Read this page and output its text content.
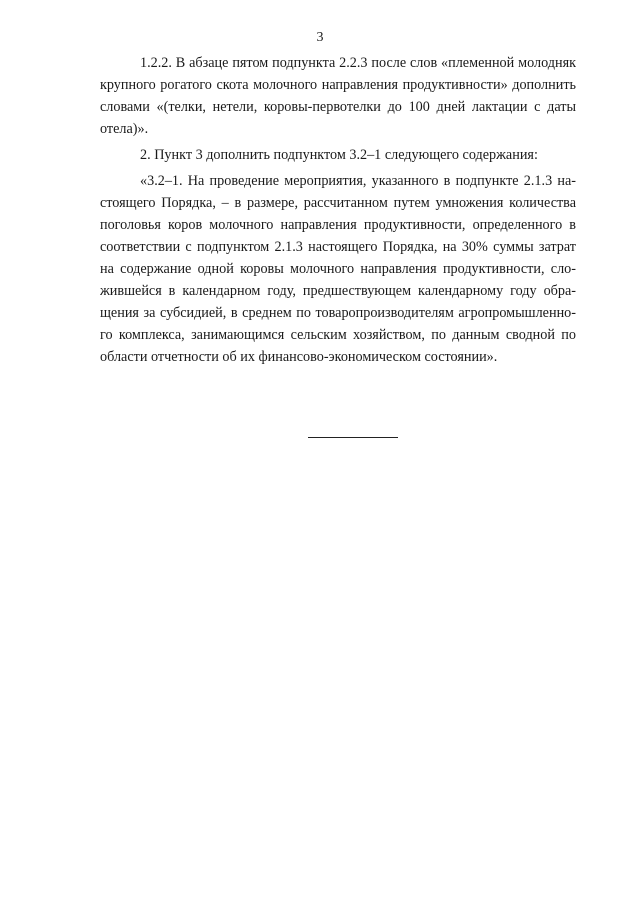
3
1.2.2. В абзаце пятом подпункта 2.2.3 после слов «племенной молодняк
крупного рогатого скота молочного направления продуктивности» дополнить
словами «(телки, нетели, коровы-первотелки до 100 дней лактации с даты
отела)».
2. Пункт 3 дополнить подпунктом 3.2–1 следующего содержания:
«3.2–1. На проведение мероприятия, указанного в подпункте 2.1.3 на-
стоящего Порядка, – в размере, рассчитанном путем умножения количества
поголовья коров молочного направления продуктивности, определенного в
соответствии с подпунктом 2.1.3 настоящего Порядка, на 30% суммы затрат
на содержание одной коровы молочного направления продуктивности, сло-
жившейся в календарном году, предшествующем календарному году обра-
щения за субсидией, в среднем по товаропроизводителям агропромышленно-
го комплекса, занимающимся сельским хозяйством, по данным сводной по
области отчетности об их финансово-экономическом состоянии».
